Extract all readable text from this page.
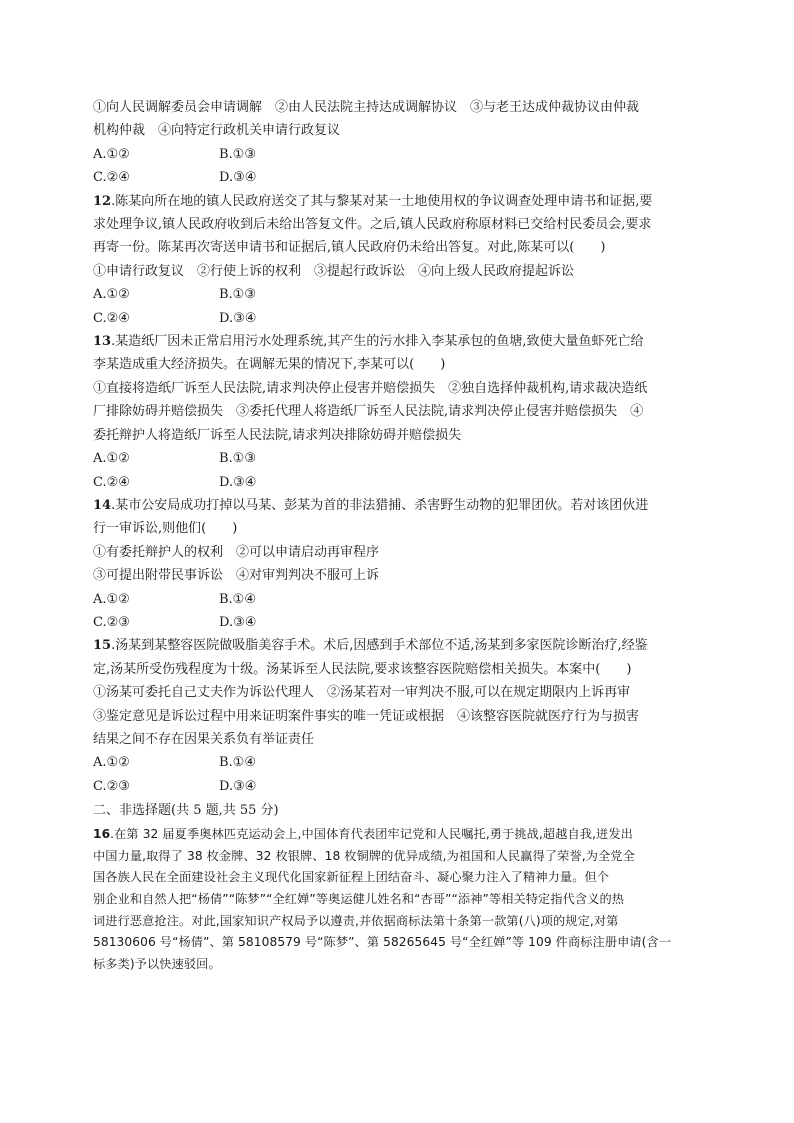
①向人民调解委员会申请调解　②由人民法院主持达成调解协议　③与老王达成仲裁协议由仲裁
机构仲裁　④向特定行政机关申请行政复议
A.①②	B.①③
C.②④	D.③④
12.陈某向所在地的镇人民政府送交了其与黎某对某一土地使用权的争议调查处理申请书和证据,要
求处理争议,镇人民政府收到后未给出答复文件。之后,镇人民政府称原材料已交给村民委员会,要求
再寄一份。陈某再次寄送申请书和证据后,镇人民政府仍未给出答复。对此,陈某可以(　　)
①申请行政复议　②行使上诉的权利　③提起行政诉讼　④向上级人民政府提起诉讼
A.①②	B.①③
C.②④	D.③④
13.某造纸厂因未正常启用污水处理系统,其产生的污水排入李某承包的鱼塘,致使大量鱼虾死亡给
李某造成重大经济损失。在调解无果的情况下,李某可以(　　)
①直接将造纸厂诉至人民法院,请求判决停止侵害并赔偿损失　②独自选择仲裁机构,请求裁决造纸
厂排除妨碍并赔偿损失　③委托代理人将造纸厂诉至人民法院,请求判决停止侵害并赔偿损失　④
委托辩护人将造纸厂诉至人民法院,请求判决排除妨碍并赔偿损失
A.①②	B.①③
C.②④	D.③④
14.某市公安局成功打掉以马某、彭某为首的非法猎捕、杀害野生动物的犯罪团伙。若对该团伙进
行一审诉讼,则他们(　　)
①有委托辩护人的权利　②可以申请启动再审程序
③可提出附带民事诉讼　④对审判判决不服可上诉
A.①②	B.①④
C.②③	D.③④
15.汤某到某整容医院做吸脂美容手术。术后,因感到手术部位不适,汤某到多家医院诊断治疗,经鉴
定,汤某所受伤残程度为十级。汤某诉至人民法院,要求该整容医院赔偿相关损失。本案中(　　)
①汤某可委托自己丈夫作为诉讼代理人　②汤某若对一审判决不服,可以在规定期限内上诉再审
③鉴定意见是诉讼过程中用来证明案件事实的唯一凭证或根据　④该整容医院就医疗行为与损害
结果之间不存在因果关系负有举证责任
A.①②	B.①④
C.②③	D.③④
二、非选择题(共 5 题,共 55 分)
16.在第 32 届夏季奥林匹克运动会上,中国体育代表团牢记党和人民嘱托,勇于挑战,超越自我,迸发出
中国力量,取得了 38 枚金牌、32 枚银牌、18 枚铜牌的优异成绩,为祖国和人民赢得了荣誉,为全党全
国各族人民在全面建设社会主义现代化国家新征程上团结奋斗、凝心聚力注入了精神力量。但个
别企业和自然人把“杨倩”“陈梦”“全红婵”等奥运健儿姓名和“杏哥”“添神”等相关特定指代含义的热
词进行恶意抢注。对此,国家知识产权局予以遵责,并依据商标法第十条第一款第(八)项的规定,对第
58130606 号“杨倩”、第 58108579 号“陈梦”、第 58265645 号“全红婵”等 109 件商标注册申请(含一
标多类)予以快速驳回。
